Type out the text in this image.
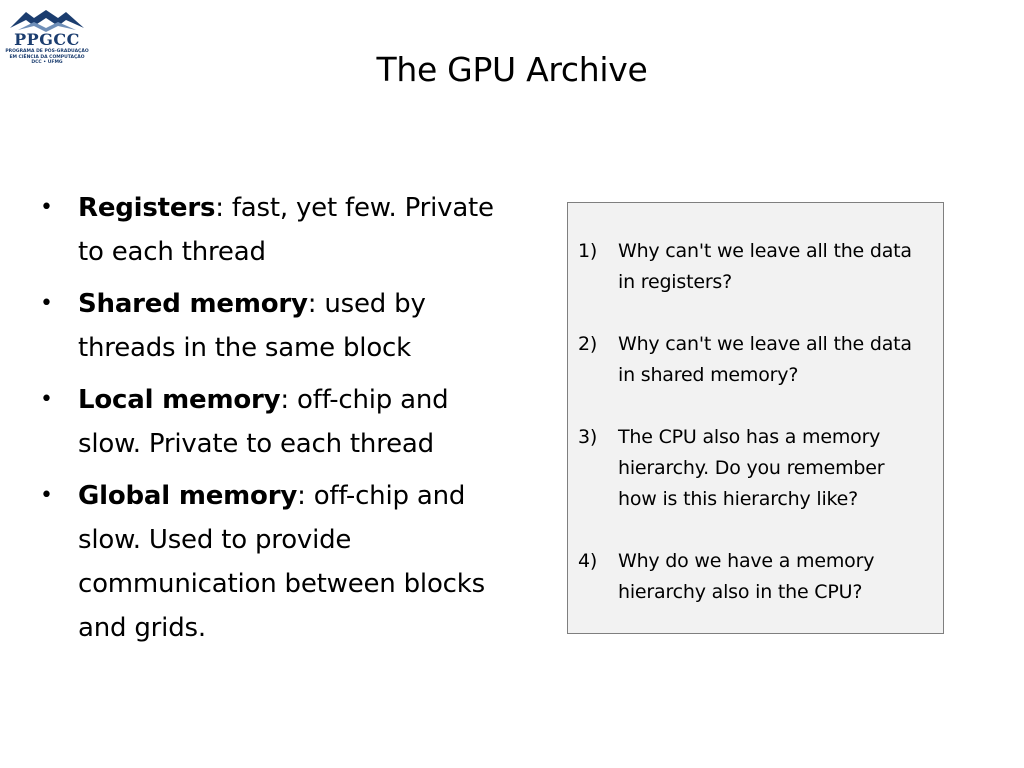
PPGCC
PROGRAMA DE PÓS-GRADUAÇÃO
EM CIÊNCIA DA COMPUTAÇÃO
DCC • UFMG	The GPU Archive
• Registers: fast, yet few. Private to each thread
• Shared memory: used by threads in the same block
• Local memory: off-chip and slow. Private to each thread
• Global memory: off-chip and slow. Used to provide communication between blocks and grids.
1) Why can't we leave all the data in registers?
2) Why can't we leave all the data in shared memory?
3) The CPU also has a memory hierarchy. Do you remember how is this hierarchy like?
4) Why do we have a memory hierarchy also in the CPU?
